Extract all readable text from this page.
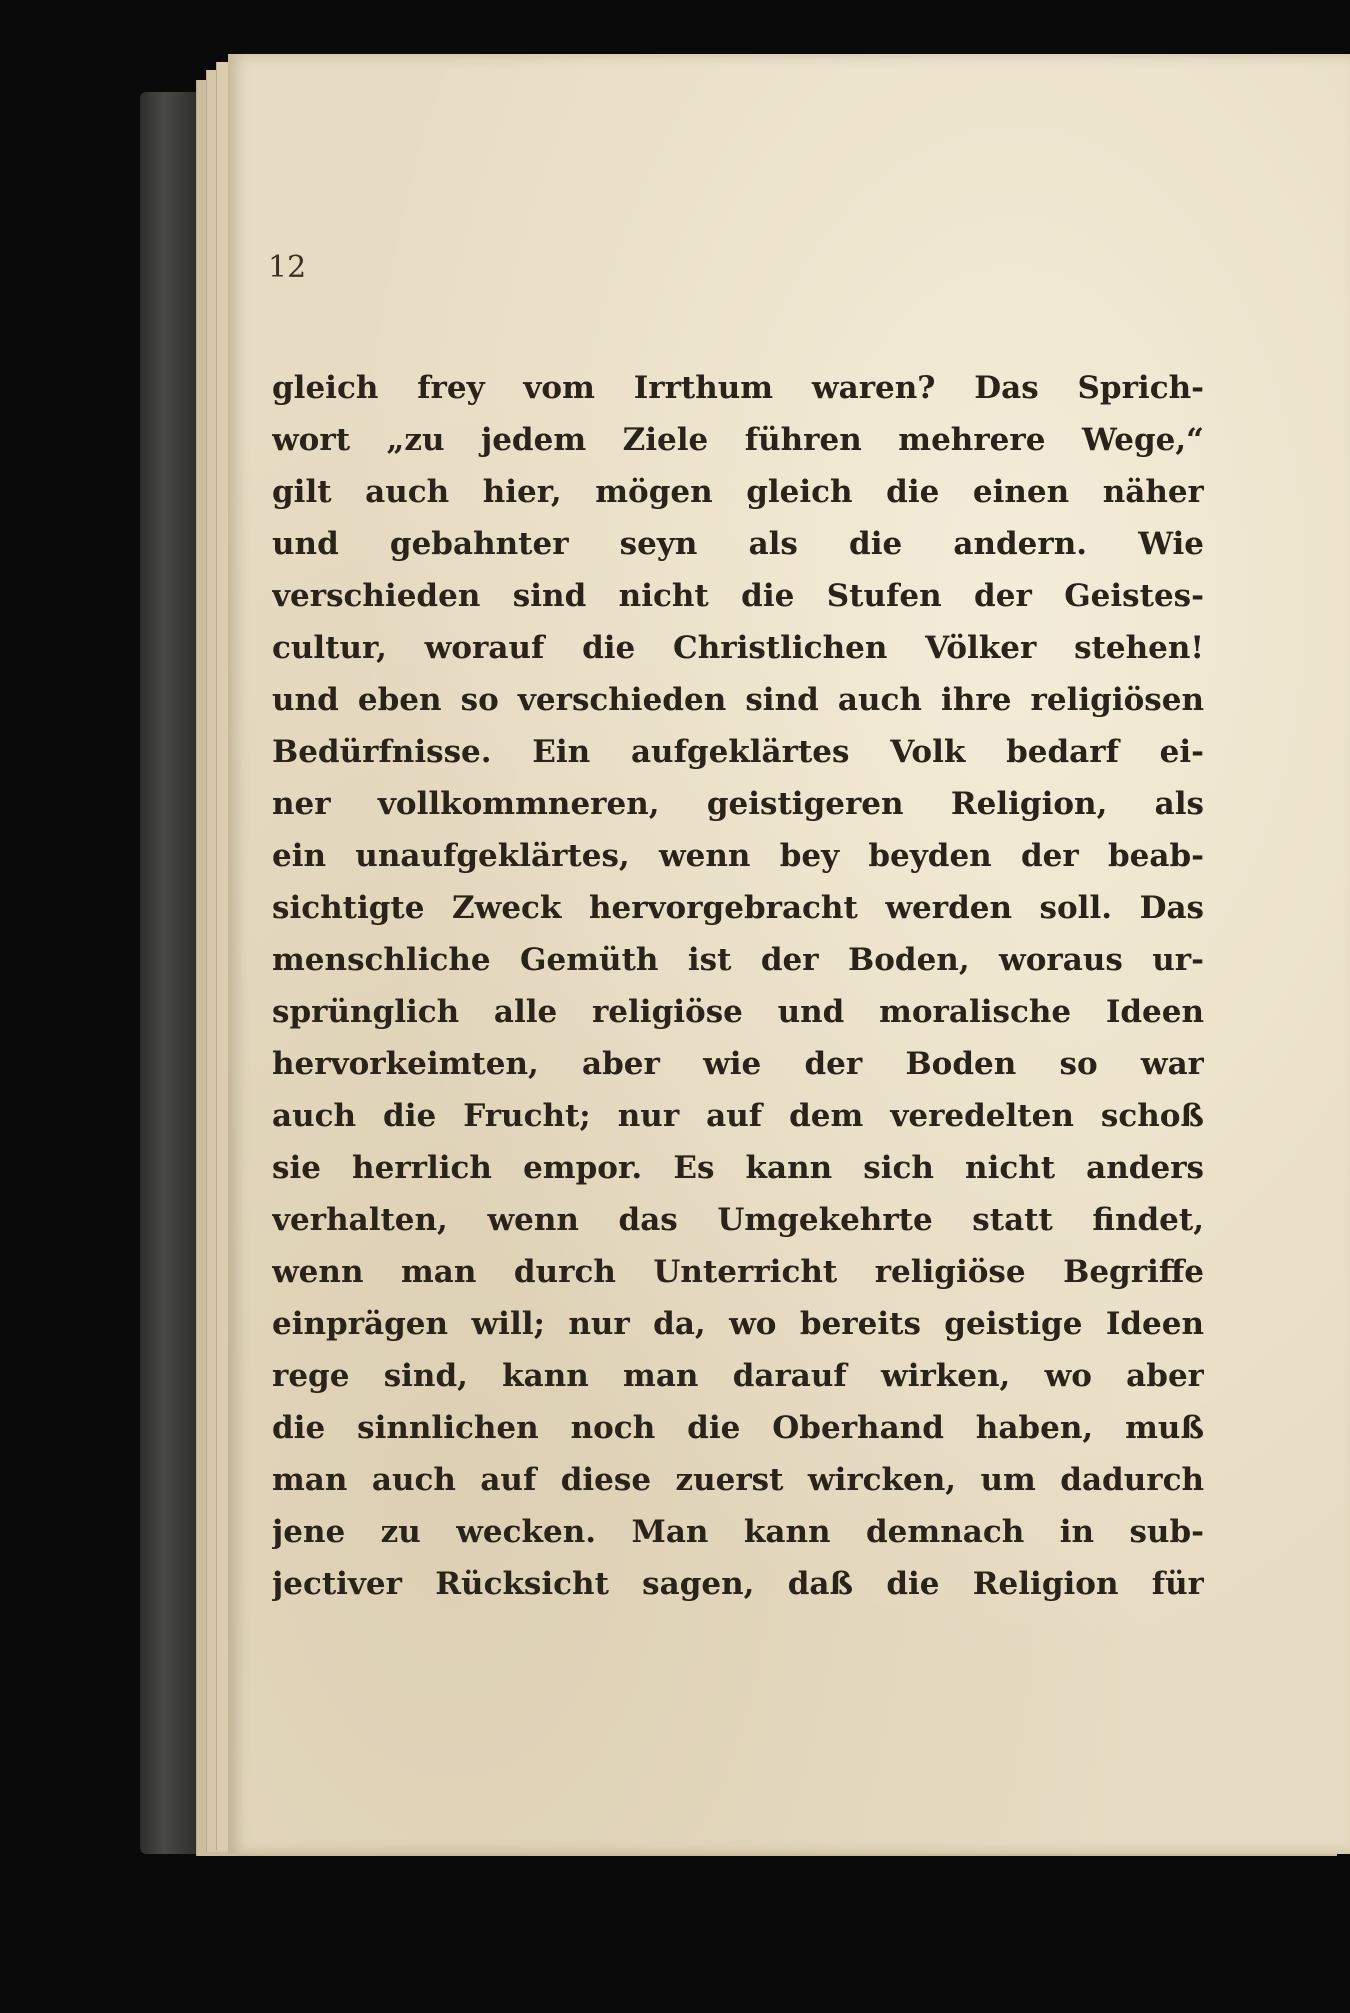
12

gleich frey vom Irrthum waren? Das Sprich-
wort „zu jedem Ziele führen mehrere Wege,“
gilt auch hier, mögen gleich die einen näher
und gebahnter seyn als die andern. Wie
verschieden sind nicht die Stufen der Geistes-
cultur, worauf die Christlichen Völker stehen!
und eben so verschieden sind auch ihre religiösen
Bedürfnisse. Ein aufgeklärtes Volk bedarf ei-
ner vollkommneren, geistigeren Religion, als
ein unaufgeklärtes, wenn bey beyden der beab-
sichtigte Zweck hervorgebracht werden soll. Das
menschliche Gemüth ist der Boden, woraus ur-
sprünglich alle religiöse und moralische Ideen
hervorkeimten, aber wie der Boden so war
auch die Frucht; nur auf dem veredelten schoß
sie herrlich empor. Es kann sich nicht anders
verhalten, wenn das Umgekehrte statt findet,
wenn man durch Unterricht religiöse Begriffe
einprägen will; nur da, wo bereits geistige Ideen
rege sind, kann man darauf wirken, wo aber
die sinnlichen noch die Oberhand haben, muß
man auch auf diese zuerst wircken, um dadurch
jene zu wecken. Man kann demnach in sub-
jectiver Rücksicht sagen, daß die Religion für
